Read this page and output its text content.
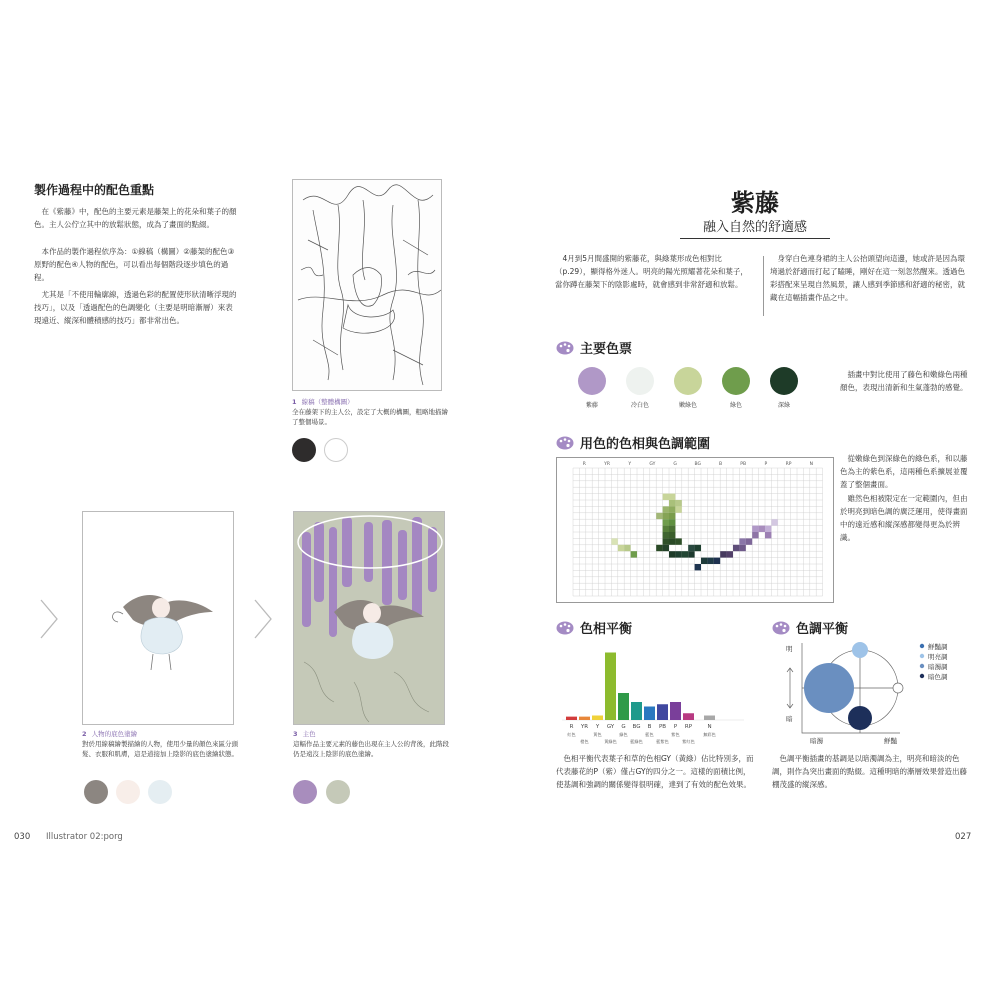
製作過程中的配色重點
在《紫藤》中，配色的主要元素是藤架上的花朵和葉子的顏色。主人公佇立其中的放鬆狀態，成為了畫面的點綴。
本作品的製作過程依序為：①線稿（構圖）②藤架的配色③原野的配色④人物的配色，可以看出每個階段逐步填色的過程。
尤其是「不使用輪廓線，透過色彩的配置使形狀清晰浮現的技巧」，以及「透過配色的色調變化（主要是明暗漸層）來表現遠近、縱深和體積感的技巧」都非常出色。
1 線稿（整體構圖）
全在藤架下的主人公，設定了大概的構圖，粗略地描繪了整個場景。
2 人物的底色塗繪
對於用線稿繪製描繪的人物，使用少量的顏色來區分頭髮、衣服和肌膚，這是道接加上陰影的底色塗繪狀態。
3 主色
這幅作品主要元素的藤色出現在主人公的背後，此階段仍是遠沒上陰影的底色塗繪。
030 Illustrator 02:porg
紫藤
融入自然的舒適感
4月到5月間盛開的紫藤花，與綠葉形成色相對比（p.29），顯得格外迷人。明亮的陽光照耀著花朵和葉子，當你蹲在藤架下的陰影處時，就會感到非常舒適和放鬆。
身穿白色連身裙的主人公抬頭望向這邊，她或許是因為環境過於舒適而打起了瞌睡，剛好在這一刻忽然醒來。透過色彩搭配來呈現自然風景，讓人感到季節感和舒適的秘密，就藏在這幅插畫作品之中。
主要色票
紫藤	冷白色	嫩綠色	綠色	深綠
插畫中對比使用了藤色和嫩綠色兩種顏色，表現出清新和生氣蓬勃的感覺。
用色的色相與色調範圍
R	YR	Y	GY	G	BG	B	PB	P	RP	N
從嫩綠色到深綠色的綠色系，和以藤色為主的紫色系，這兩種色系擴展並覆蓋了整個畫面。
雖然色相被限定在一定範圍內，但由於明亮到暗色調的廣泛運用，使得畫面中的遠近感和縱深感都變得更為於辨識。
色相平衡
R
紅色
YR
橙色
Y
黃色
GY
黃綠色
G
綠色
BG
藍綠色
B
藍色
PB
藍紫色
P
紫色
RP
紫紅色
N
無彩色
色相平衡代表葉子和草的色相GY（黃綠）佔比特別多，而代表藤花的P（紫）僅占GY的四分之一。這樣的面積比例，使基調和強調的關係變得很明確，達到了有效的配色效果。
色調平衡
明
暗
暗濁	鮮豔
鮮豔調
明亮調
暗濁調
暗色調
色調平衡插畫的基調是以暗濁調為主，明亮和暗淡的色調，則作為突出畫面的點綴。這種明暗的漸層效果營造出藤棚茂盛的縱深感。
027
